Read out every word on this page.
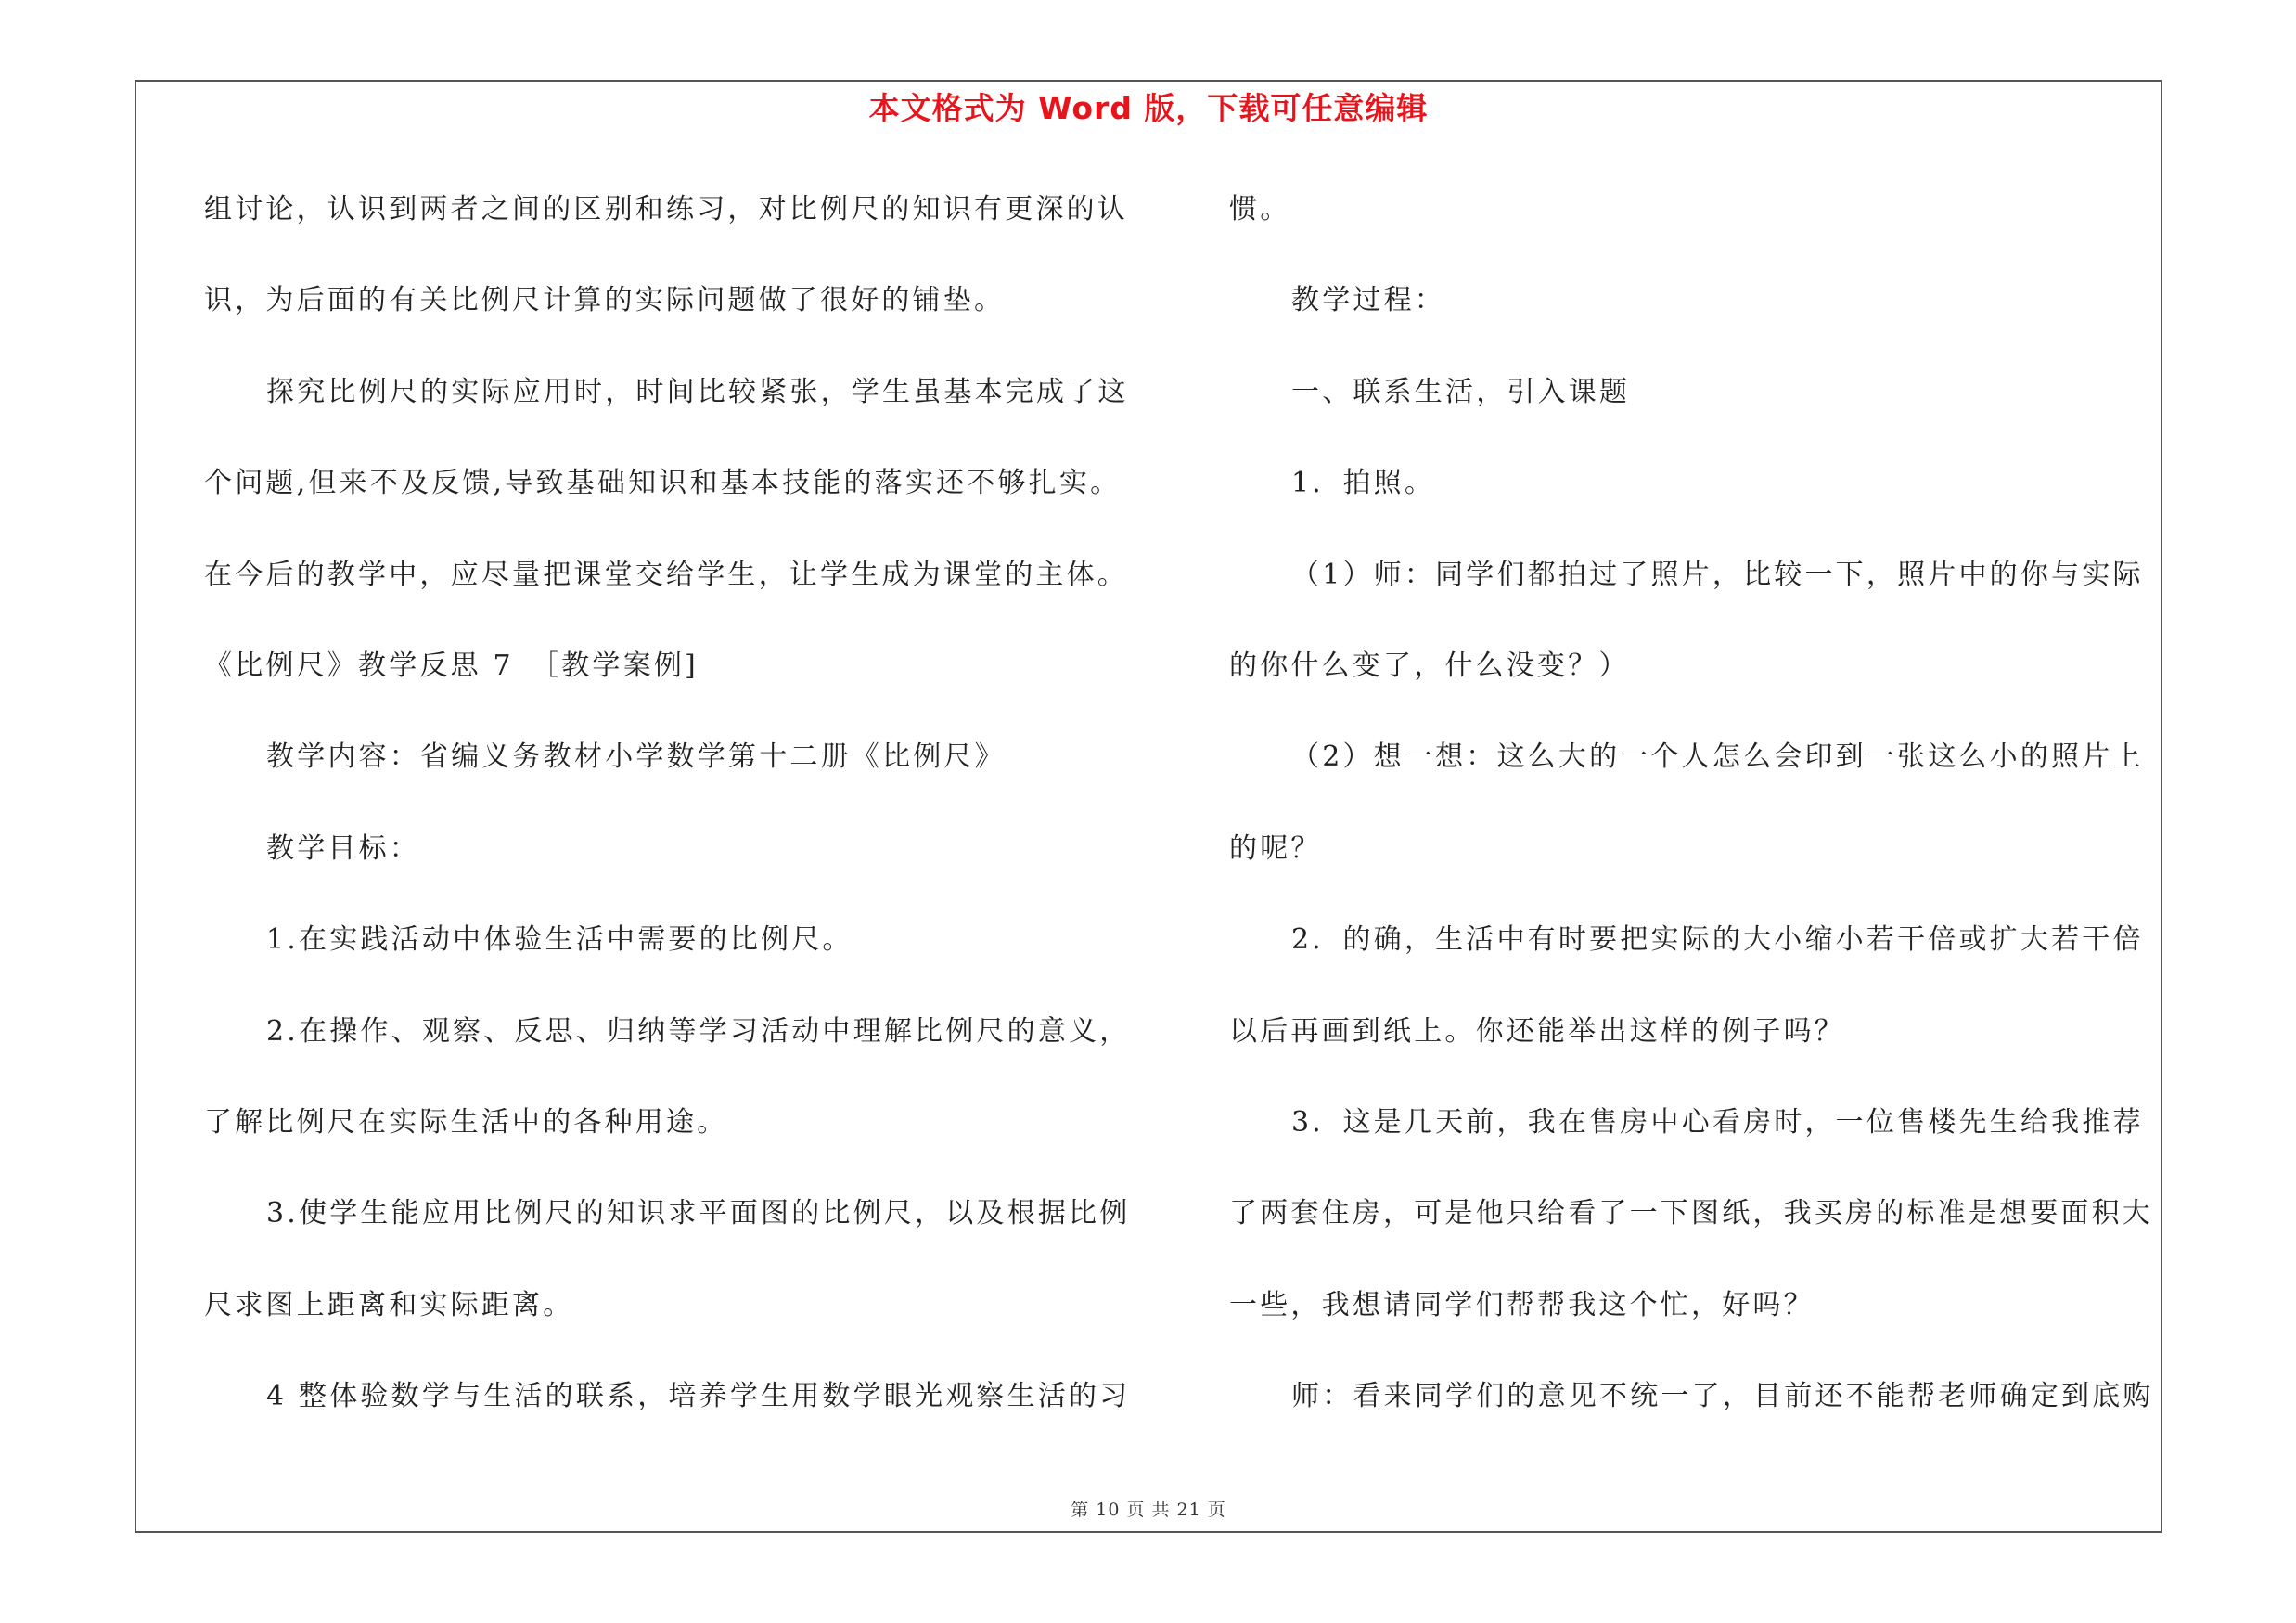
本文格式为 Word 版，下载可任意编辑
组讨论，认识到两者之间的区别和练习，对比例尺的知识有更深的认
识，为后面的有关比例尺计算的实际问题做了很好的铺垫。
探究比例尺的实际应用时，时间比较紧张，学生虽基本完成了这
个问题,但来不及反馈,导致基础知识和基本技能的落实还不够扎实。
在今后的教学中，应尽量把课堂交给学生，让学生成为课堂的主体。
《比例尺》教学反思 7　［教学案例]
教学内容：省编义务教材小学数学第十二册《比例尺》
教学目标：
1.在实践活动中体验生活中需要的比例尺。
2.在操作、观察、反思、归纳等学习活动中理解比例尺的意义，
了解比例尺在实际生活中的各种用途。
3.使学生能应用比例尺的知识求平面图的比例尺，以及根据比例
尺求图上距离和实际距离。
4 整体验数学与生活的联系，培养学生用数学眼光观察生活的习
惯。
教学过程：
一、联系生活，引入课题
1．拍照。
（1）师：同学们都拍过了照片，比较一下，照片中的你与实际
的你什么变了，什么没变？）
（2）想一想：这么大的一个人怎么会印到一张这么小的照片上
的呢？
2．的确，生活中有时要把实际的大小缩小若干倍或扩大若干倍
以后再画到纸上。你还能举出这样的例子吗？
3．这是几天前，我在售房中心看房时，一位售楼先生给我推荐
了两套住房，可是他只给看了一下图纸，我买房的标准是想要面积大
一些，我想请同学们帮帮我这个忙，好吗？
师：看来同学们的意见不统一了，目前还不能帮老师确定到底购
第 10 页 共 21 页
